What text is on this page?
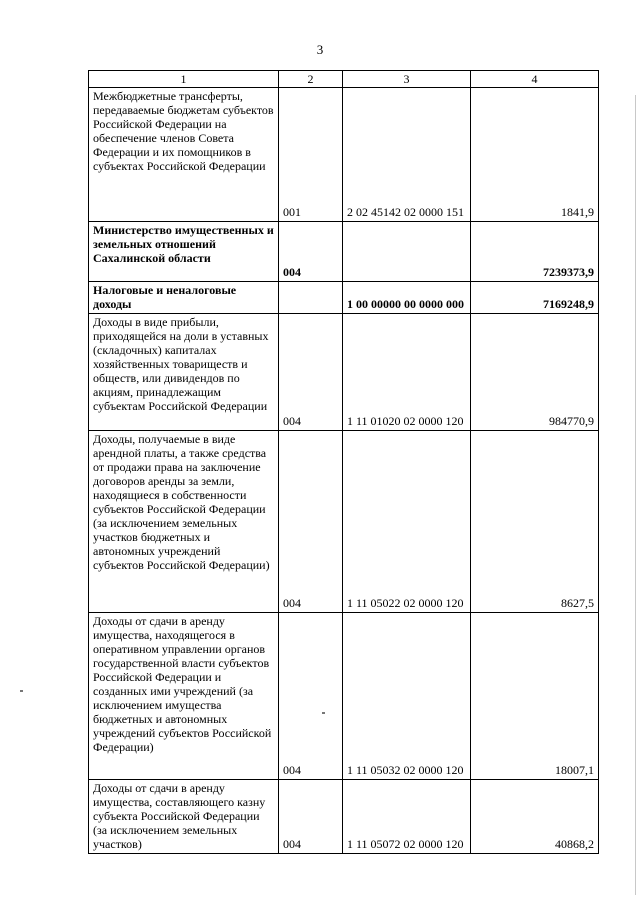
3
1	2	3	4
Межбюджетные трансферты, передаваемые бюджетам субъектов Российской Федерации на обеспечение членов Совета Федерации и их помощников в субъектах Российской Федерации	001	2 02 45142 02 0000 151	1841,9
Министерство имущественных и земельных отношений Сахалинской области	004		7239373,9
Налоговые и неналоговые доходы		1 00 00000 00 0000 000	7169248,9
Доходы в виде прибыли, приходящейся на доли в уставных (складочных) капиталах хозяйственных товариществ и обществ, или дивидендов по акциям, принадлежащим субъектам Российской Федерации	004	1 11 01020 02 0000 120	984770,9
Доходы, получаемые в виде арендной платы, а также средства от продажи права на заключение договоров аренды за земли, находящиеся в собственности субъектов Российской Федерации (за исключением земельных участков бюджетных и автономных учреждений субъектов Российской Федерации)	004	1 11 05022 02 0000 120	8627,5
Доходы от сдачи в аренду имущества, находящегося в оперативном управлении органов государственной власти субъектов Российской Федерации и созданных ими учреждений (за исключением имущества бюджетных и автономных учреждений субъектов Российской Федерации)	004	1 11 05032 02 0000 120	18007,1
Доходы от сдачи в аренду имущества, составляющего казну субъекта Российской Федерации (за исключением земельных участков)	004	1 11 05072 02 0000 120	40868,2
